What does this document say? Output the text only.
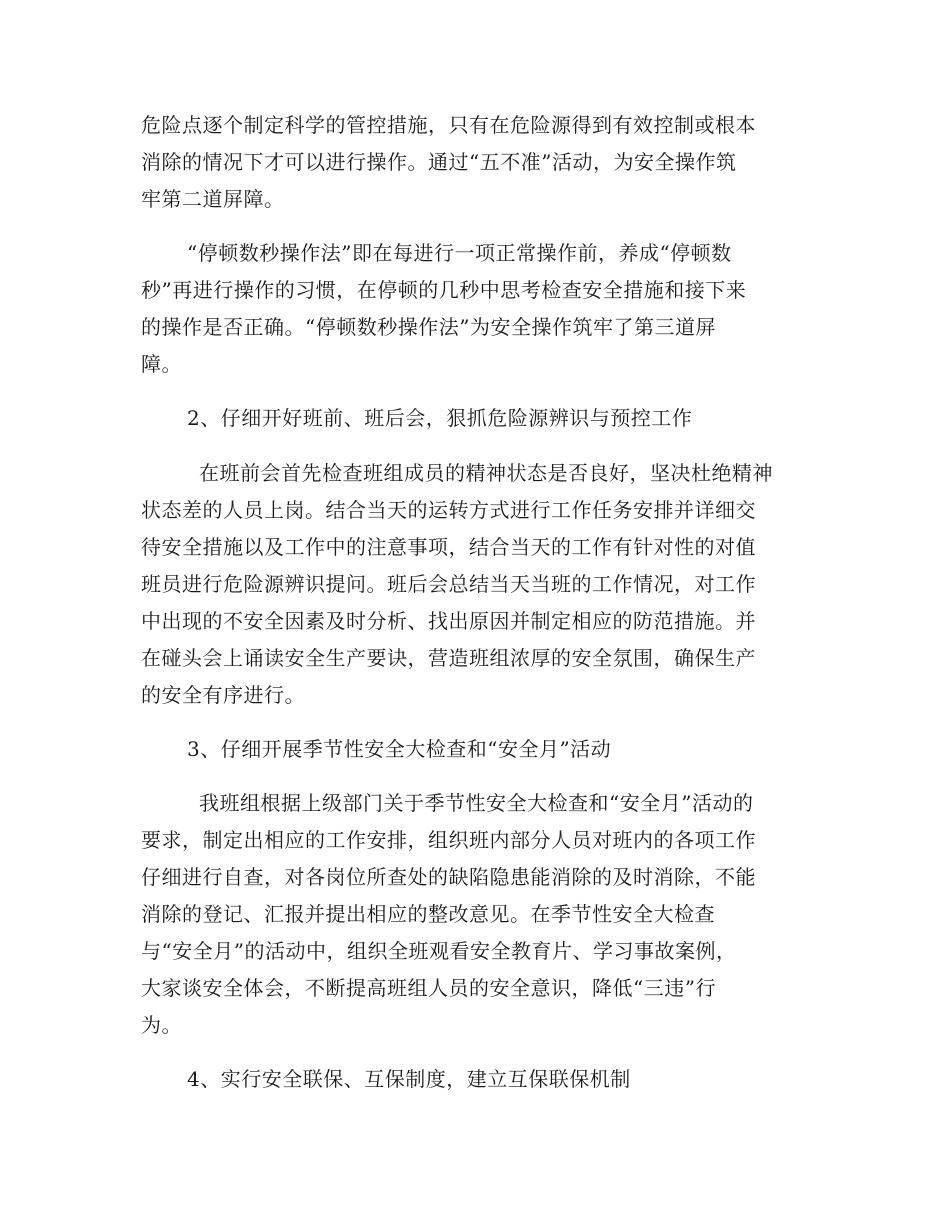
危险点逐个制定科学的管控措施，只有在危险源得到有效控制或根本
消除的情况下才可以进行操作。通过“五不准”活动，为安全操作筑
牢第二道屏障。
“停顿数秒操作法”即在每进行一项正常操作前，养成“停顿数
秒”再进行操作的习惯，在停顿的几秒中思考检查安全措施和接下来
的操作是否正确。“停顿数秒操作法”为安全操作筑牢了第三道屏
障。
2、仔细开好班前、班后会，狠抓危险源辨识与预控工作
在班前会首先检查班组成员的精神状态是否良好，坚决杜绝精神
状态差的人员上岗。结合当天的运转方式进行工作任务安排并详细交
待安全措施以及工作中的注意事项，结合当天的工作有针对性的对值
班员进行危险源辨识提问。班后会总结当天当班的工作情况，对工作
中出现的不安全因素及时分析、找出原因并制定相应的防范措施。并
在碰头会上诵读安全生产要诀，营造班组浓厚的安全氛围，确保生产
的安全有序进行。
3、仔细开展季节性安全大检查和“安全月”活动
我班组根据上级部门关于季节性安全大检查和“安全月”活动的
要求，制定出相应的工作安排，组织班内部分人员对班内的各项工作
仔细进行自查，对各岗位所查处的缺陷隐患能消除的及时消除，不能
消除的登记、汇报并提出相应的整改意见。在季节性安全大检查
与“安全月”的活动中，组织全班观看安全教育片、学习事故案例，
大家谈安全体会，不断提高班组人员的安全意识，降低“三违”行
为。
4、实行安全联保、互保制度，建立互保联保机制
